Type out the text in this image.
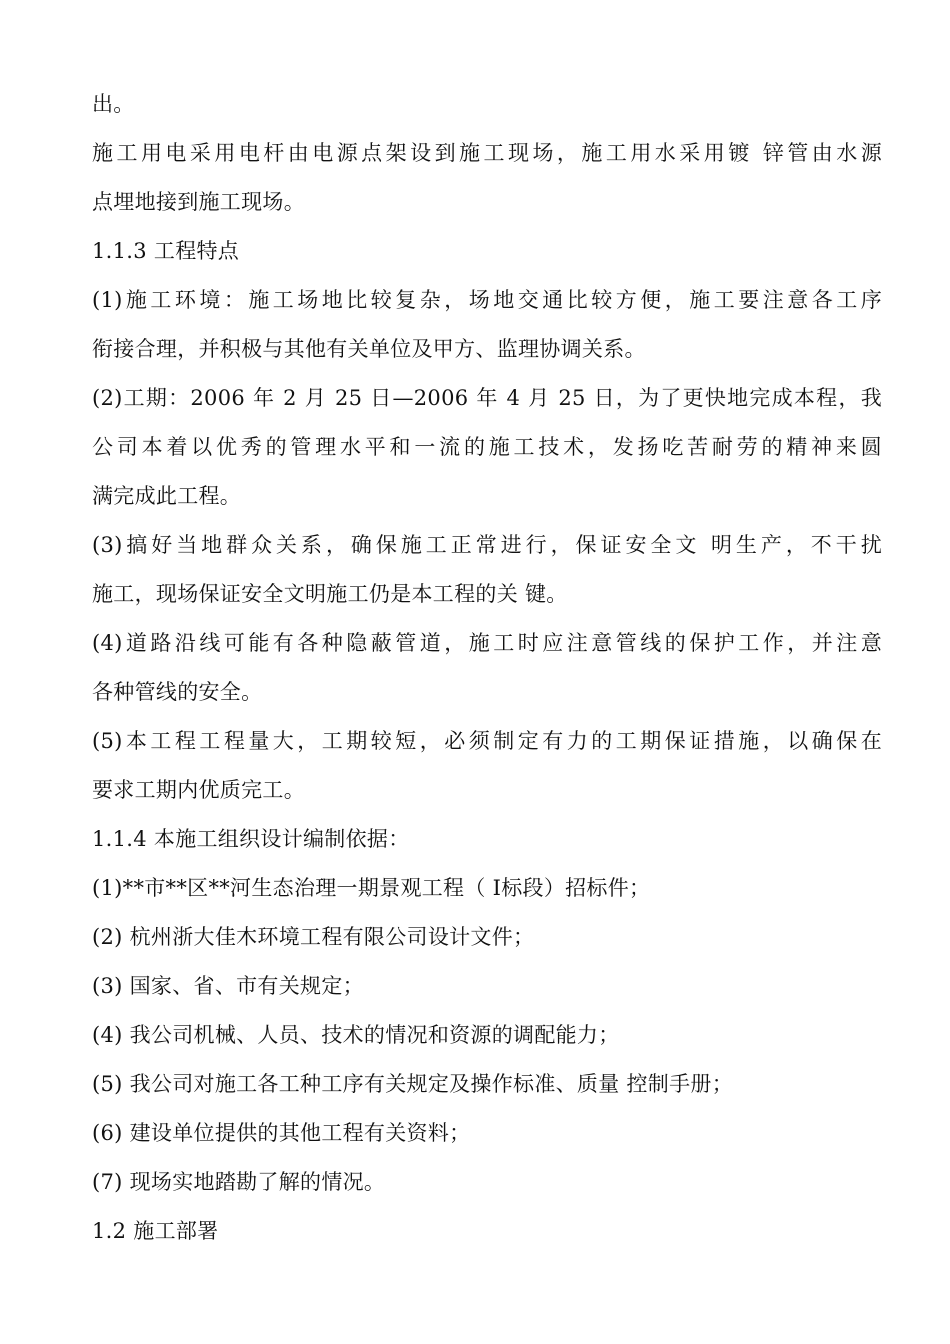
出。
施工用电采用电杆由电源点架设到施工现场，施工用水采用镀 锌管由水源
点埋地接到施工现场。
1.1.3 工程特点
(1)施工环境：施工场地比较复杂，场地交通比较方便，施工要注意各工序
衔接合理，并积极与其他有关单位及甲方、监理协调关系。
(2)工期：2006 年 2 月 25 日—2006 年 4 月 25 日，为了更快地完成本程，我
公司本着以优秀的管理水平和一流的施工技术，发扬吃苦耐劳的精神来圆
满完成此工程。
(3)搞好当地群众关系，确保施工正常进行，保证安全文 明生产，不干扰
施工，现场保证安全文明施工仍是本工程的关 键。
(4)道路沿线可能有各种隐蔽管道，施工时应注意管线的保护工作，并注意
各种管线的安全。
(5)本工程工程量大，工期较短，必须制定有力的工期保证措施，以确保在
要求工期内优质完工。
1.1.4 本施工组织设计编制依据：
(1)**市**区**河生态治理一期景观工程（ Ⅰ标段）招标件；
(2) 杭州浙大佳木环境工程有限公司设计文件；
(3) 国家、省、市有关规定；
(4) 我公司机械、人员、技术的情况和资源的调配能力；
(5) 我公司对施工各工种工序有关规定及操作标准、质量 控制手册；
(6) 建设单位提供的其他工程有关资料；
(7) 现场实地踏勘了解的情况。
1.2 施工部署
